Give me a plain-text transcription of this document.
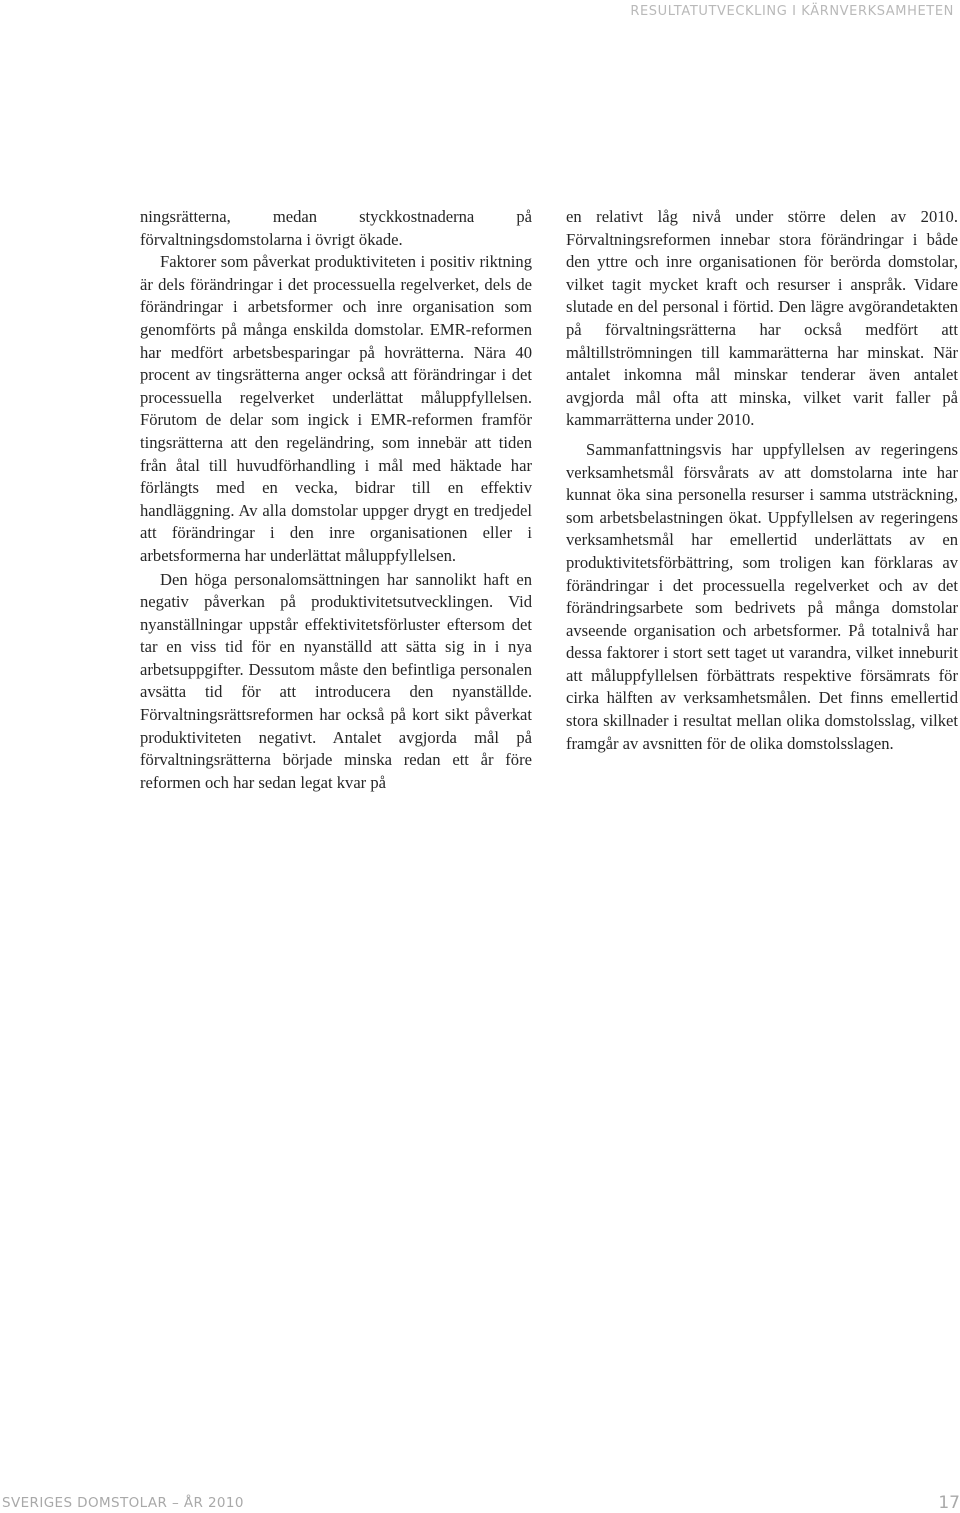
RESULTATUTVECKLING I KÄRNVERKSAMHETEN

ningsrätterna, medan styckkostnaderna på förvaltningsdomstolarna i övrigt ökade.

Faktorer som påverkat produktiviteten i positiv riktning är dels förändringar i det processuella regelverket, dels de förändringar i arbetsformer och inre organisation som genomförts på många enskilda domstolar. EMR-reformen har medfört arbetsbesparingar på hovrätterna. Nära 40 procent av tingsrätterna anger också att förändringar i det processuella regelverket underlättat måluppfyllelsen. Förutom de delar som ingick i EMR-reformen framför tingsrätterna att den regeländring, som innebär att tiden från åtal till huvudförhandling i mål med häktade har förlängts med en vecka, bidrar till en effektiv handläggning. Av alla domstolar uppger drygt en tredjedel att förändringar i den inre organisationen eller i arbetsformerna har underlättat måluppfyllelsen.

Den höga personalomsättningen har sannolikt haft en negativ påverkan på produktivitetsutvecklingen. Vid nyanställningar uppstår effektivitetsförluster eftersom det tar en viss tid för en nyanställd att sätta sig in i nya arbetsuppgifter. Dessutom måste den befintliga personalen avsätta tid för att introducera den nyanställde. Förvaltningsrättsreformen har också på kort sikt påverkat produktiviteten negativt. Antalet avgjorda mål på förvaltningsrätterna började minska redan ett år före reformen och har sedan legat kvar på

en relativt låg nivå under större delen av 2010. Förvaltningsreformen innebar stora förändringar i både den yttre och inre organisationen för berörda domstolar, vilket tagit mycket kraft och resurser i anspråk. Vidare slutade en del personal i förtid. Den lägre avgörandetakten på förvaltningsrätterna har också medfört att måltillströmningen till kammarätterna har minskat. När antalet inkomna mål minskar tenderar även antalet avgjorda mål ofta att minska, vilket varit faller på kammarrätterna under 2010.

Sammanfattningsvis har uppfyllelsen av regeringens verksamhetsmål försvårats av att domstolarna inte har kunnat öka sina personella resurser i samma utsträckning, som arbetsbelastningen ökat. Uppfyllelsen av regeringens verksamhetsmål har emellertid underlättats av en produktivitetsförbättring, som troligen kan förklaras av förändringar i det processuella regelverket och av det förändringsarbete som bedrivets på många domstolar avseende organisation och arbetsformer. På totalnivå har dessa faktorer i stort sett taget ut varandra, vilket inneburit att måluppfyllelsen förbättrats respektive försämrats för cirka hälften av verksamhetsmålen. Det finns emellertid stora skillnader i resultat mellan olika domstolsslag, vilket framgår av avsnitten för de olika domstolsslagen.

SVERIGES DOMSTOLAR – ÅR 2010	17
